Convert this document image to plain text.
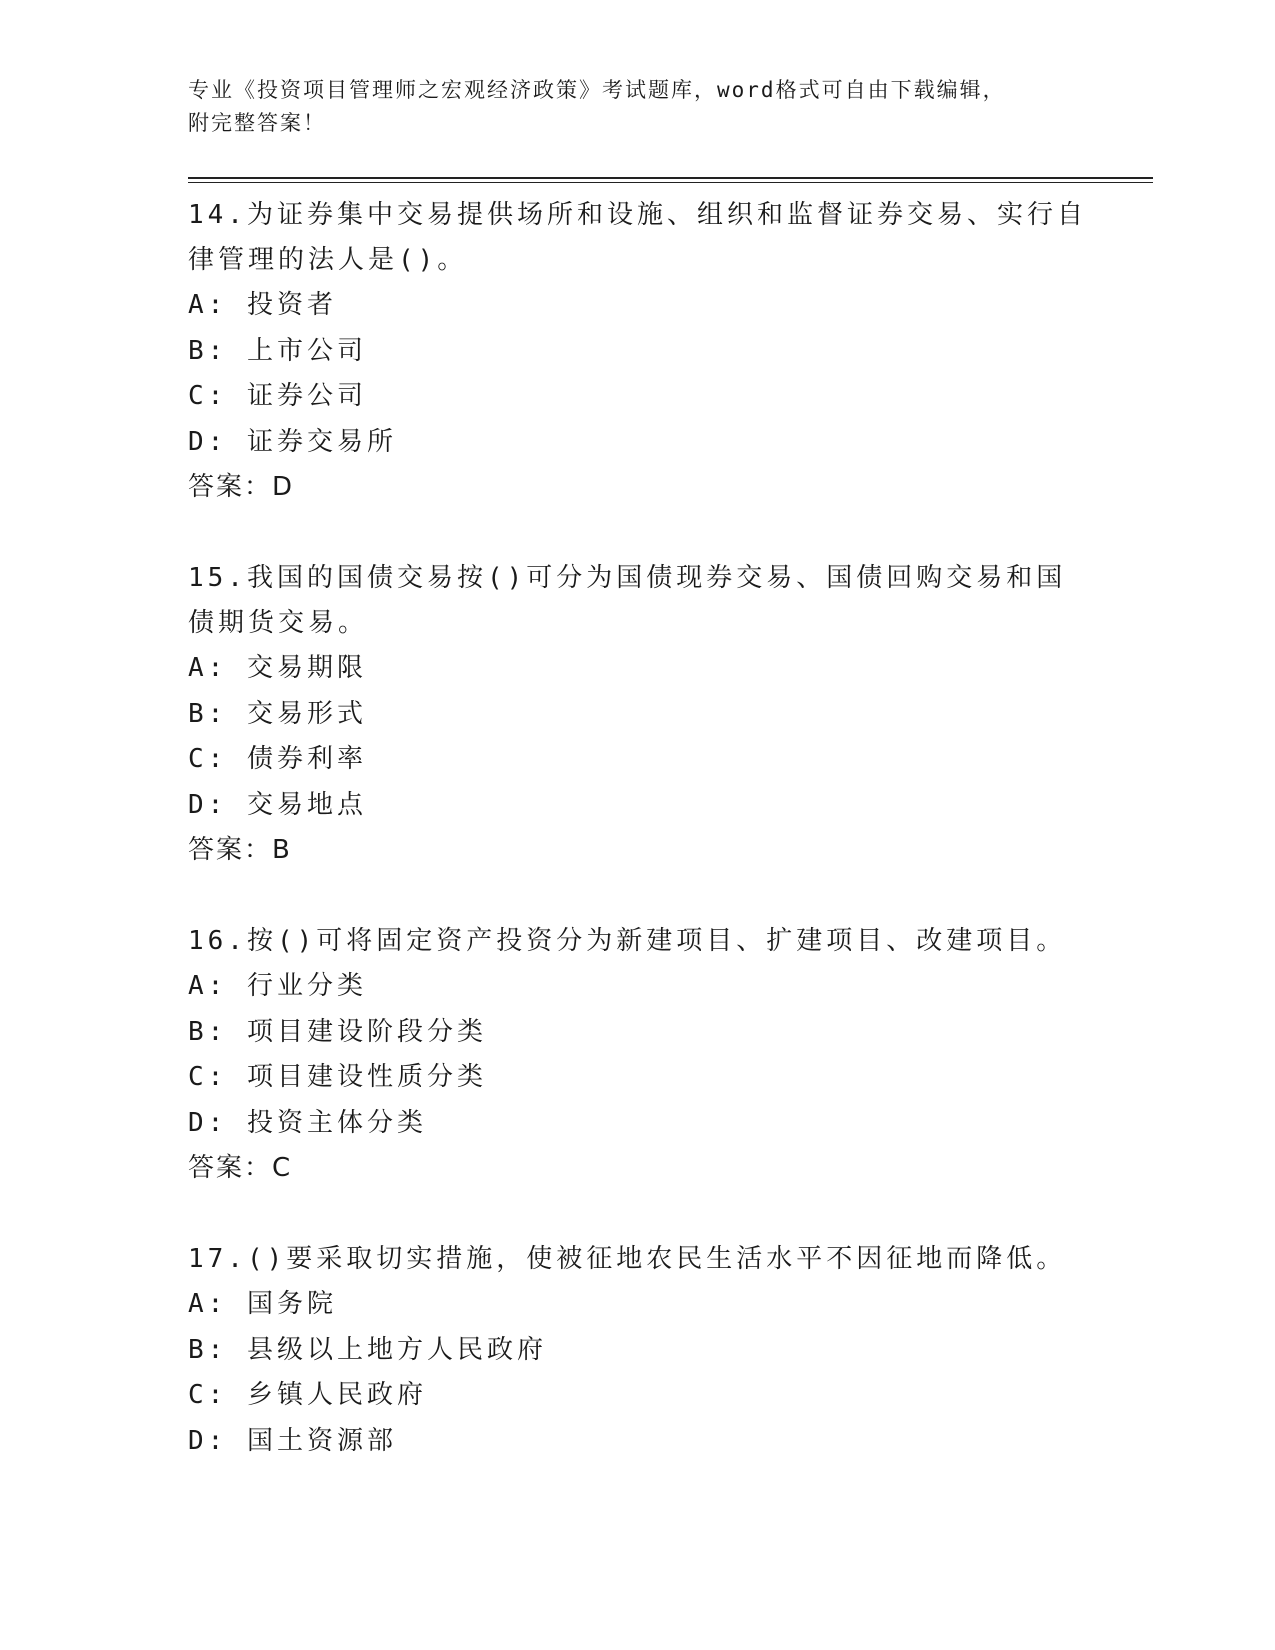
专业《投资项目管理师之宏观经济政策》考试题库，word格式可自由下载编辑，
附完整答案！

14.为证券集中交易提供场所和设施、组织和监督证券交易、实行自律管理的法人是()。

A: 投资者

B: 上市公司

C: 证券公司

D: 证券交易所

答案：D

15.我国的国债交易按()可分为国债现券交易、国债回购交易和国债期货交易。

A: 交易期限

B: 交易形式

C: 债券利率

D: 交易地点

答案：B

16.按()可将固定资产投资分为新建项目、扩建项目、改建项目。

A: 行业分类

B: 项目建设阶段分类

C: 项目建设性质分类

D: 投资主体分类

答案：C

17.()要采取切实措施，使被征地农民生活水平不因征地而降低。

A: 国务院

B: 县级以上地方人民政府

C: 乡镇人民政府

D: 国土资源部
